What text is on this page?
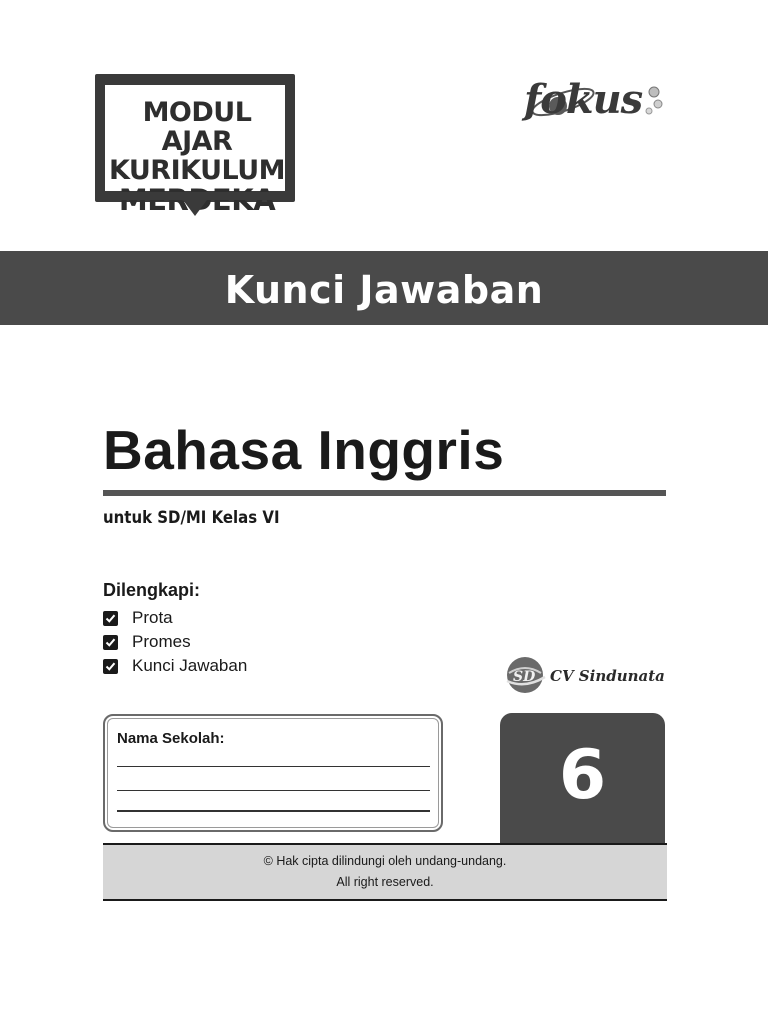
MODUL AJAR
KURIKULUM
fokus
Kunci Jawaban
Bahasa Inggris
untuk SD/MI Kelas VI
Dilengkapi:
Prota
Promes
Kunci Jawaban
SD CV Sindunata
Nama Sekolah:	6
© Hak cipta dilindungi oleh undang-undang.
All right reserved.
